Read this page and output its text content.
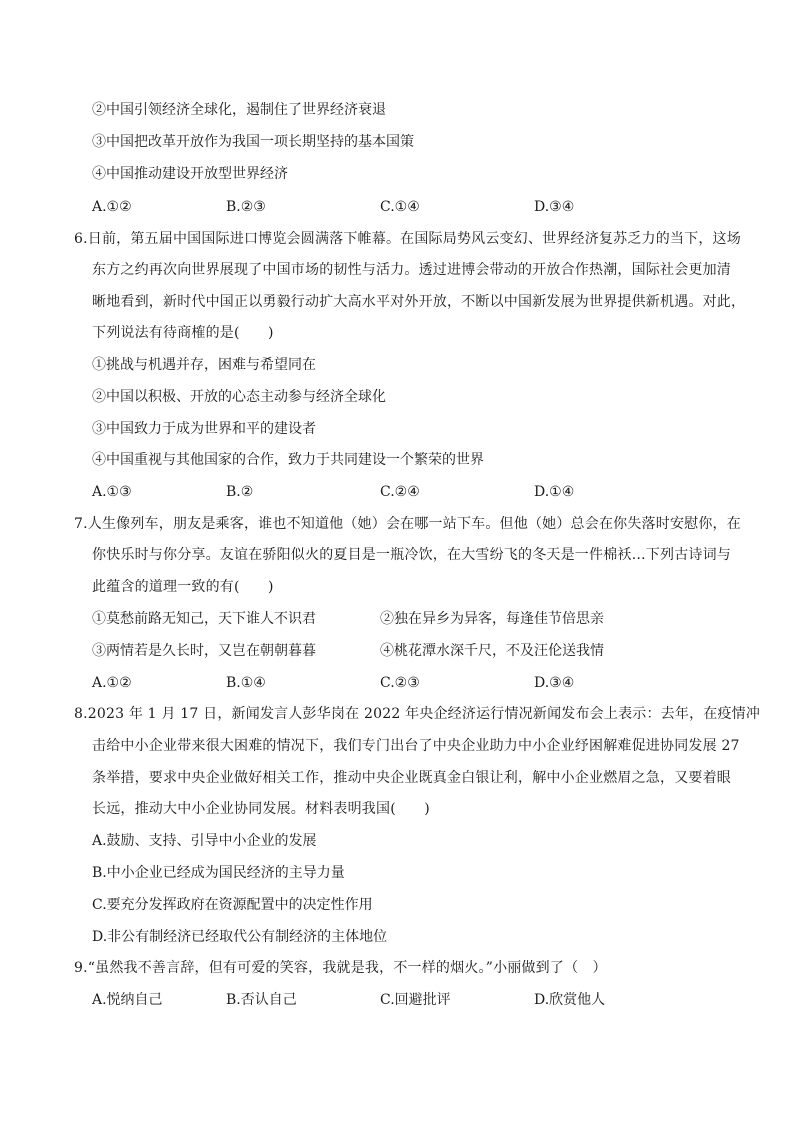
②中国引领经济全球化，遏制住了世界经济衰退
③中国把改革开放作为我国一项长期坚持的基本国策
④中国推动建设开放型世界经济
A.①②	B.②③	C.①④	D.③④
6.日前，第五届中国国际进口博览会圆满落下帷幕。在国际局势风云变幻、世界经济复苏乏力的当下，这场
东方之约再次向世界展现了中国市场的韧性与活力。透过进博会带动的开放合作热潮，国际社会更加清
晰地看到，新时代中国正以勇毅行动扩大高水平对外开放，不断以中国新发展为世界提供新机遇。对此，
下列说法有待商榷的是(　　)
①挑战与机遇并存，困难与希望同在
②中国以积极、开放的心态主动参与经济全球化
③中国致力于成为世界和平的建设者
④中国重视与其他国家的合作，致力于共同建设一个繁荣的世界
A.①③	B.②	C.②④	D.①④
7.人生像列车，朋友是乘客，谁也不知道他（她）会在哪一站下车。但他（她）总会在你失落时安慰你，在
你快乐时与你分享。友谊在骄阳似火的夏目是一瓶冷饮，在大雪纷飞的冬天是一件棉袄…下列古诗词与
此蕴含的道理一致的有(　　)
①莫愁前路无知己，天下谁人不识君	②独在异乡为异客，每逢佳节倍思亲
③两情若是久长时，又岂在朝朝暮暮	④桃花潭水深千尺，不及汪伦送我情
A.①②	B.①④	C.②③	D.③④
8.2023 年 1 月 17 日，新闻发言人彭华岗在 2022 年央企经济运行情况新闻发布会上表示：去年，在疫情冲
击给中小企业带来很大困难的情况下，我们专门出台了中央企业助力中小企业纾困解难促进协同发展 27
条举措，要求中央企业做好相关工作，推动中央企业既真金白银让利，解中小企业燃眉之急，又要着眼
长远，推动大中小企业协同发展。材料表明我国(　　)
A.鼓励、支持、引导中小企业的发展
B.中小企业已经成为国民经济的主导力量
C.要充分发挥政府在资源配置中的决定性作用
D.非公有制经济已经取代公有制经济的主体地位
9.“虽然我不善言辞，但有可爱的笑容，我就是我，不一样的烟火。”小丽做到了（　）
A.悦纳自己	B.否认自己	C.回避批评	D.欣赏他人
